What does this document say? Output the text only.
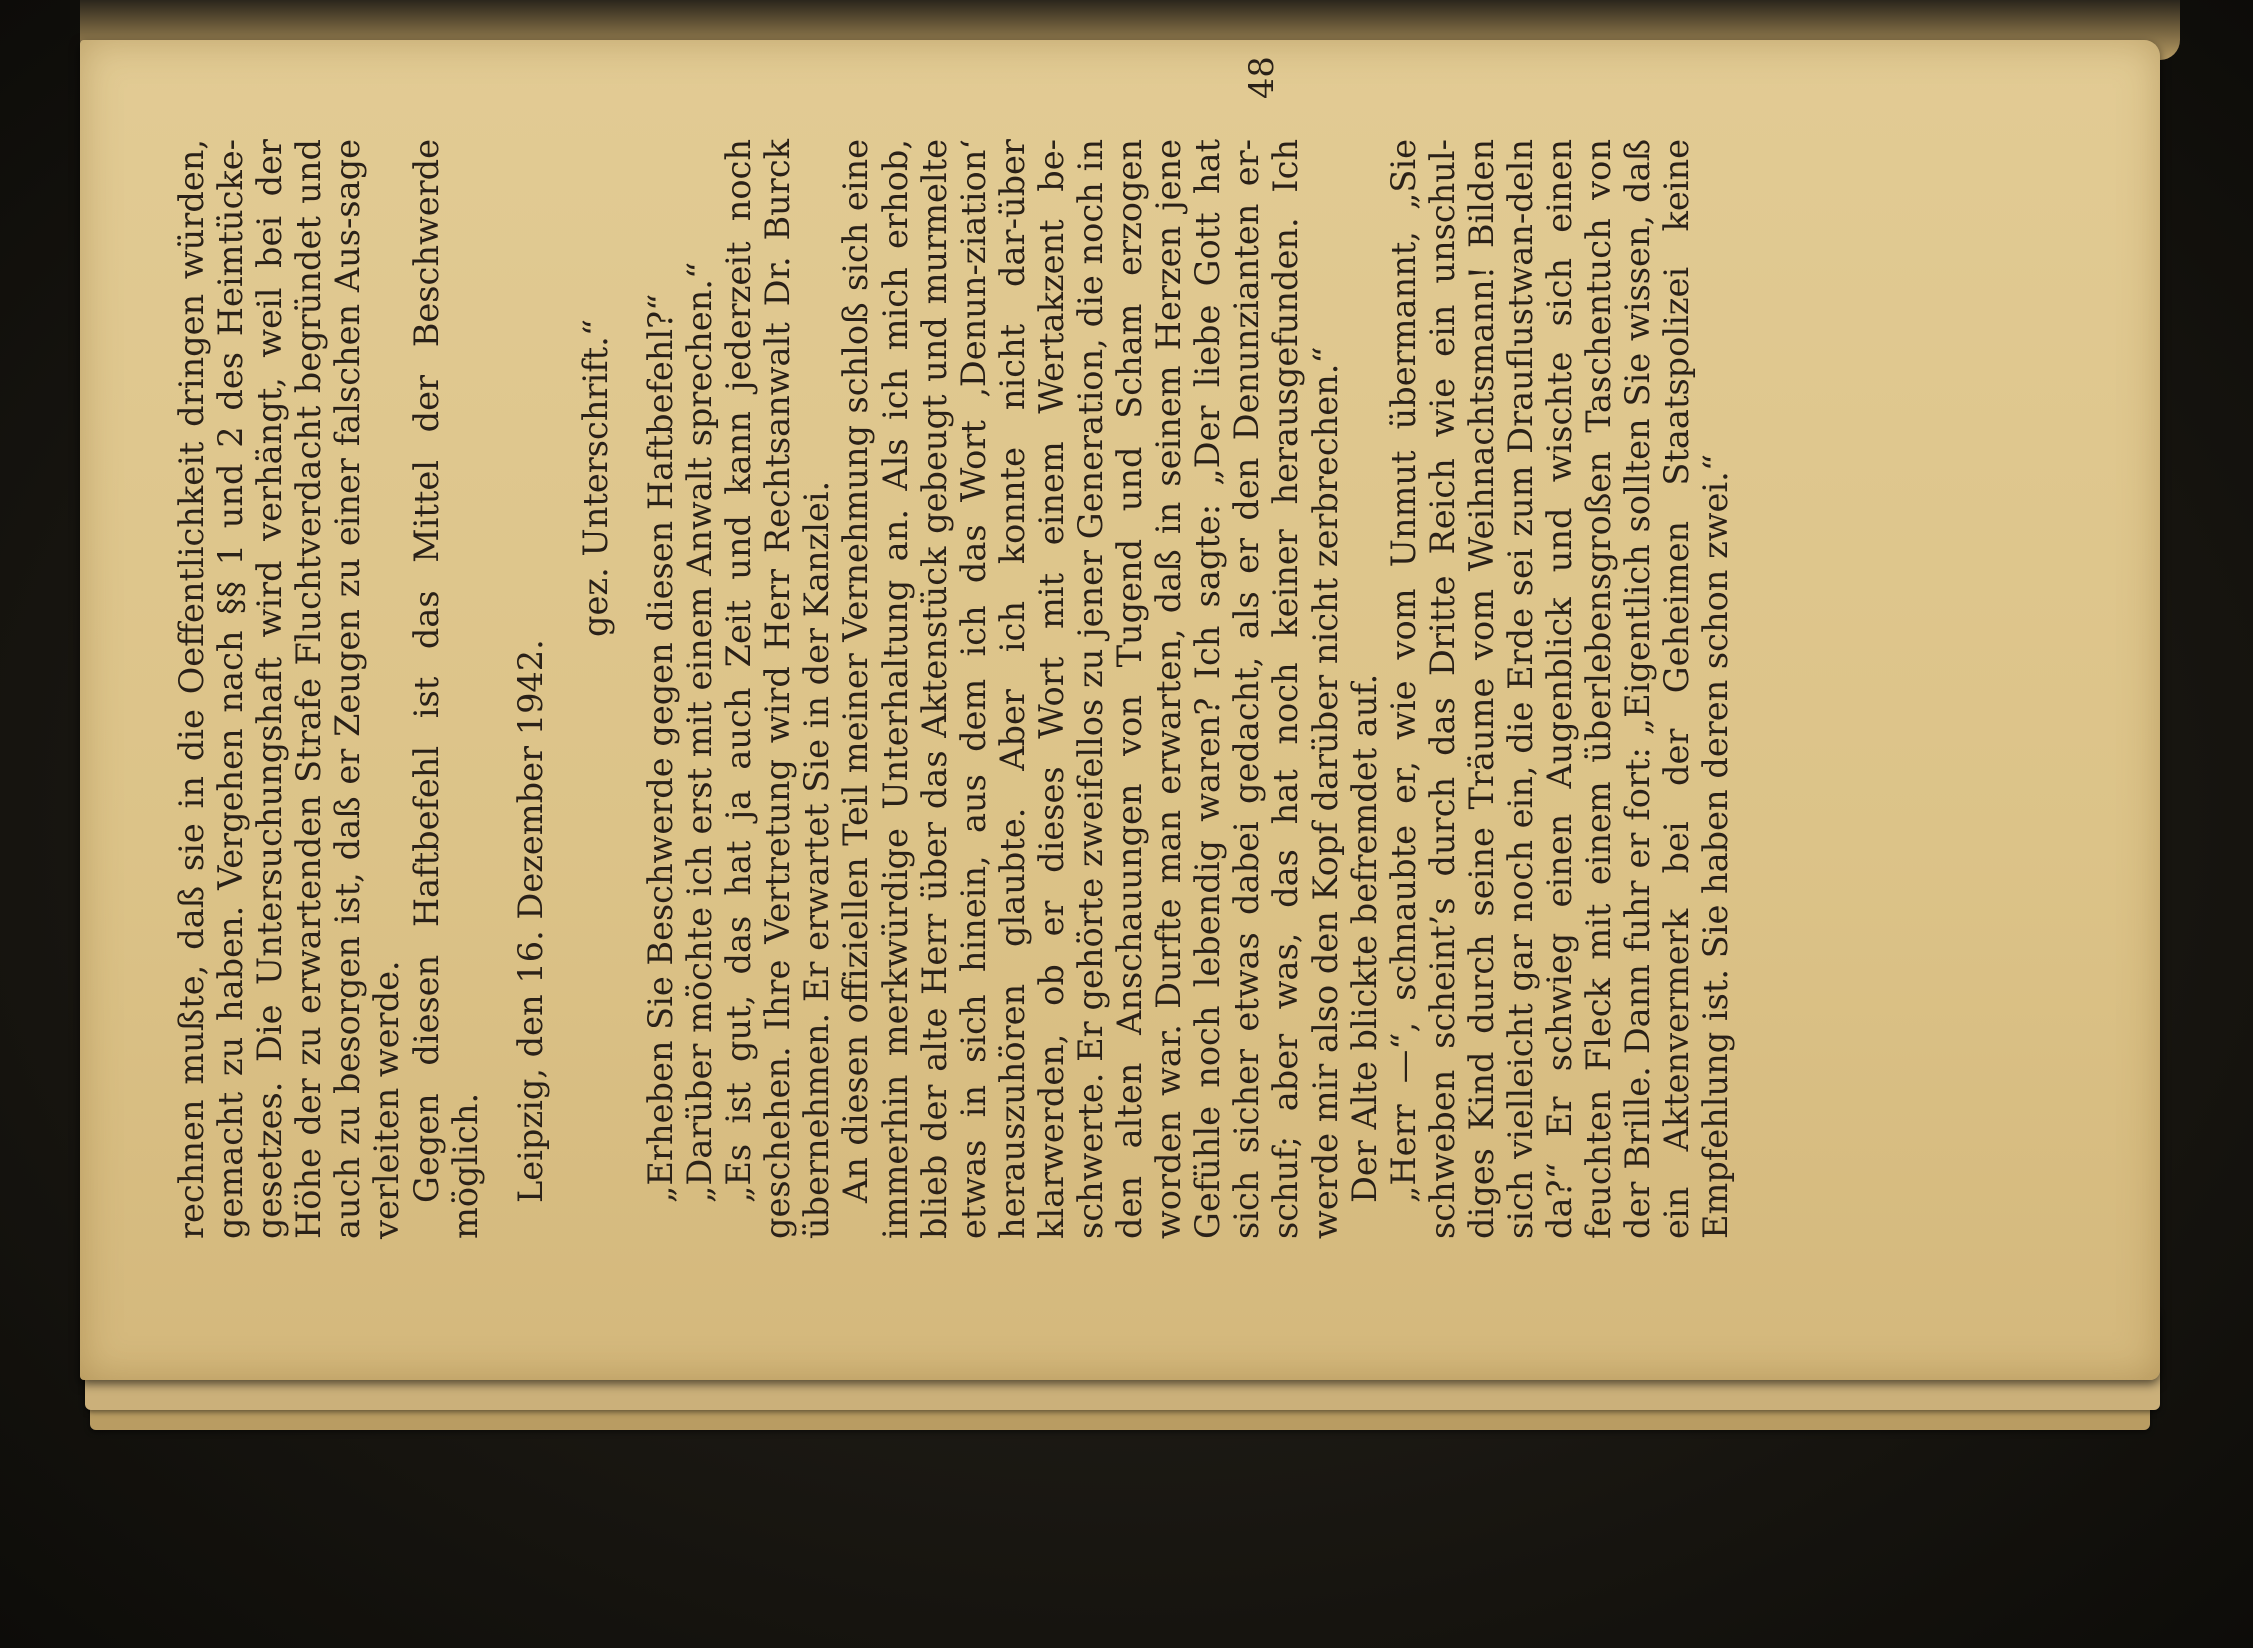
rechnen mußte, daß sie in die Oeffentlichkeit dringen würden, gemacht zu haben. Vergehen nach §§ 1 und 2 des Heimtücke-gesetzes. Die Untersuchungshaft wird verhängt, weil bei der Höhe der zu erwartenden Strafe Fluchtverdacht begründet und auch zu besorgen ist, daß er Zeugen zu einer falschen Aus-sage verleiten werde. Gegen diesen Haftbefehl ist das Mittel der Beschwerde möglich. Leipzig, den 16. Dezember 1942.

gez. Unterschrift.“ „Erheben Sie Beschwerde gegen diesen Haftbefehl?“ „Darüber möchte ich erst mit einem Anwalt sprechen.“ „Es ist gut, das hat ja auch Zeit und kann jederzeit noch geschehen. Ihre Vertretung wird Herr Rechtsanwalt Dr. Burck übernehmen. Er erwartet Sie in der Kanzlei. An diesen offiziellen Teil meiner Vernehmung schloß sich eine immerhin merkwürdige Unterhaltung an. Als ich mich erhob, blieb der alte Herr über das Aktenstück gebeugt und murmelte etwas in sich hinein, aus dem ich das Wort ‚Denun-ziation‘ herauszuhören glaubte. Aber ich konnte nicht dar-über klarwerden, ob er dieses Wort mit einem Wertakzent be-schwerte. Er gehörte zweifellos zu jener Generation, die noch in den alten Anschauungen von Tugend und Scham erzogen worden war. Durfte man erwarten, daß in seinem Herzen jene Gefühle noch lebendig waren? Ich sagte: „Der liebe Gott hat sich sicher etwas dabei gedacht, als er den Denunzianten er-schuf; aber was, das hat noch keiner herausgefunden. Ich werde mir also den Kopf darüber nicht zerbrechen.“ Der Alte blickte befremdet auf. „Herr —“, schnaubte er, wie vom Unmut übermannt, „Sie schweben scheint’s durch das Dritte Reich wie ein unschul-diges Kind durch seine Träume vom Weihnachtsmann! Bilden sich vielleicht gar noch ein, die Erde sei zum Drauflustwan-deln da?“ Er schwieg einen Augenblick und wischte sich einen feuchten Fleck mit einem überlebensgroßen Taschentuch von der Brille. Dann fuhr er fort: „Eigentlich sollten Sie wissen, daß ein Aktenvermerk bei der Geheimen Staatspolizei keine Empfehlung ist. Sie haben deren schon zwei.“

48
